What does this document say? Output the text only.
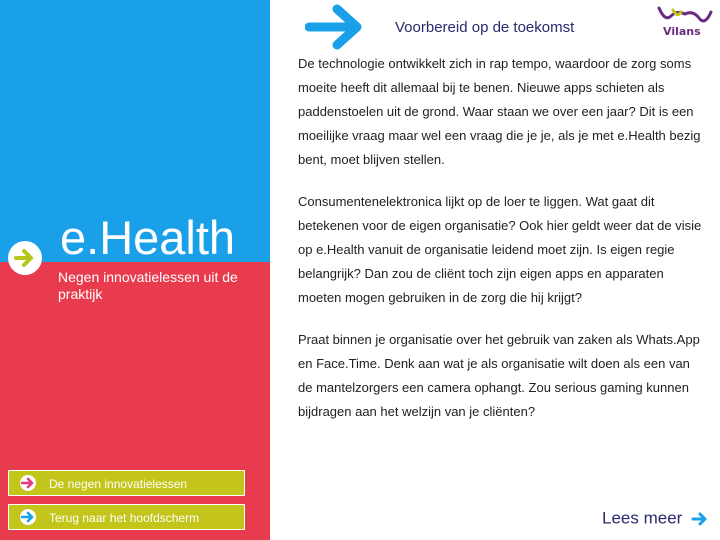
e.Health
Negen innovatielessen uit de praktijk
De negen innovatielessen
Terug naar het hoofdscherm
Voorbereid op de toekomst	Vilans

De technologie ontwikkelt zich in rap tempo, waardoor de zorg soms moeite heeft dit allemaal bij te benen. Nieuwe apps schieten als paddenstoelen uit de grond. Waar staan we over een jaar? Dit is een moeilijke vraag maar wel een vraag die je je, als je met e.Health bezig bent, moet blijven stellen.

Consumentenelektronica lijkt op de loer te liggen. Wat gaat dit betekenen voor de eigen organisatie? Ook hier geldt weer dat de visie op e.Health vanuit de organisatie leidend moet zijn. Is eigen regie belangrijk? Dan zou de cliënt toch zijn eigen apps en apparaten moeten mogen gebruiken in de zorg die hij krijgt?

Praat binnen je organisatie over het gebruik van zaken als Whats.App en Face.Time. Denk aan wat je als organisatie wilt doen als een van de mantelzorgers een camera ophangt. Zou serious gaming kunnen bijdragen aan het welzijn van je cliënten?

Lees meer
